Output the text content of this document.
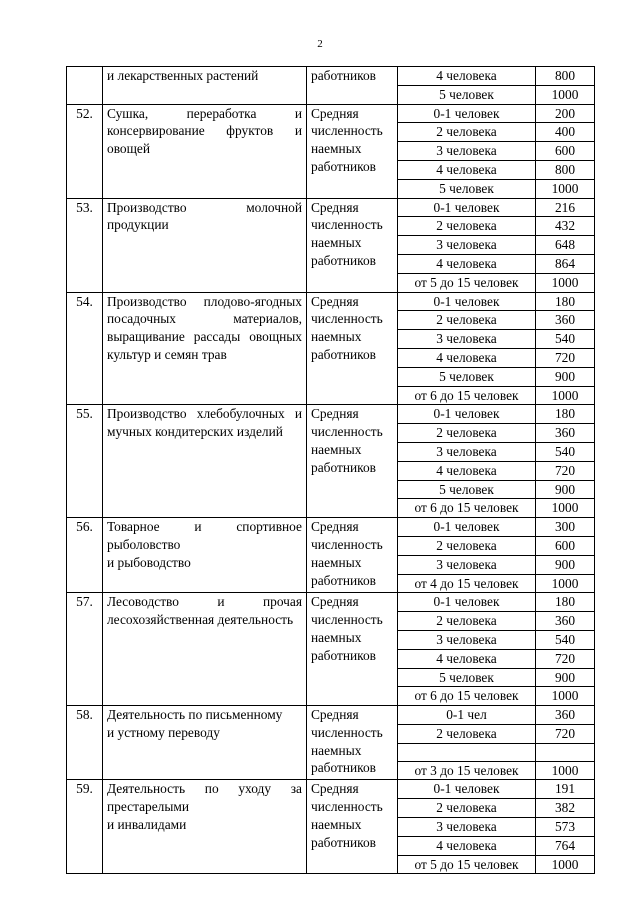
2
	и лекарственных растений	работников	4 человека	800
			5 человек	1000
52.	Сушка, переработка и консервирование фруктов и овощей	Средняя численность наемных работников	0-1 человек	200
			2 человека	400
			3 человека	600
			4 человека	800
			5 человек	1000
53.	Производство молочной продукции	Средняя численность наемных работников	0-1 человек	216
			2 человека	432
			3 человека	648
			4 человека	864
			от 5 до 15 человек	1000
54.	Производство плодово-ягодных посадочных материалов, выращивание рассады овощных культур и семян трав	Средняя численность наемных работников	0-1 человек	180
			2 человека	360
			3 человека	540
			4 человека	720
			5 человек	900
			от 6 до 15 человек	1000
55.	Производство хлебобулочных и мучных кондитерских изделий	Средняя численность наемных работников	0-1 человек	180
			2 человека	360
			3 человека	540
			4 человека	720
			5 человек	900
			от 6 до 15 человек	1000
56.	Товарное и спортивное рыболовство
и рыбоводство	Средняя численность наемных работников	0-1 человек	300
			2 человека	600
			3 человека	900
			от 4 до 15 человек	1000
57.	Лесоводство и прочая лесохозяйственная деятельность	Средняя численность наемных работников	0-1 человек	180
			2 человека	360
			3 человека	540
			4 человека	720
			5 человек	900
			от 6 до 15 человек	1000
58.	Деятельность по письменному
и устному переводу	Средняя численность наемных работников	0-1 чел	360
			2 человека	720

			от 3 до 15 человек	1000
59.	Деятельность по уходу за престарелыми
и инвалидами	Средняя численность наемных работников	0-1 человек	191
			2 человека	382
			3 человека	573
			4 человека	764
			от 5 до 15 человек	1000
